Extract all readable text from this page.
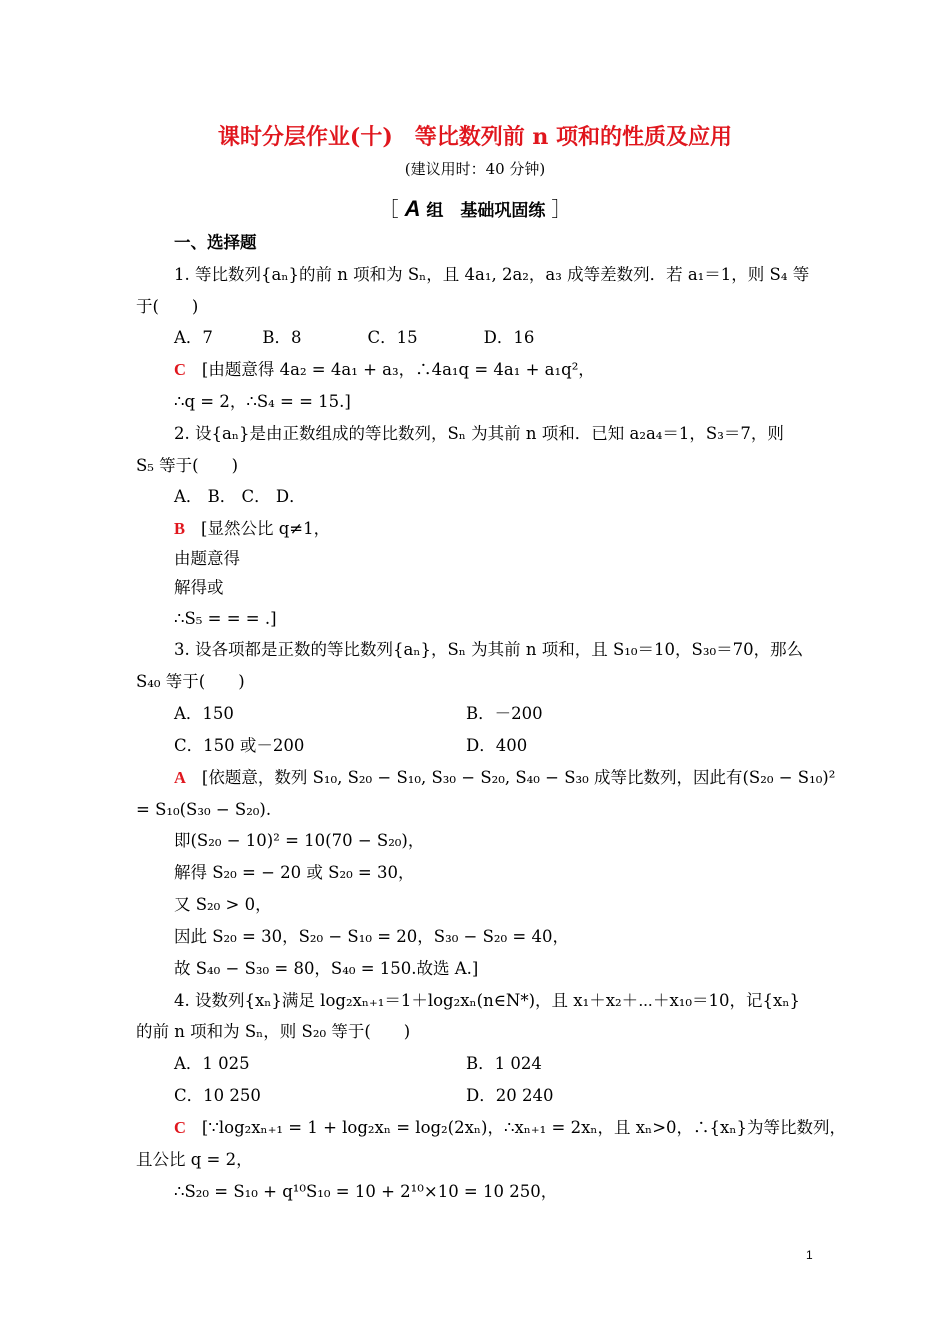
课时分层作业(十)　等比数列前 n 项和的性质及应用
(建议用时：40 分钟)
［ A 组　基础巩固练 ］
一、选择题
1. 等比数列{aₙ}的前 n 项和为 Sₙ，且 4a₁, 2a₂，a₃ 成等差数列．若 a₁＝1，则 S₄ 等
于(　　)
A．7　　　B．8　　　　C．15　　　　D．16
C [由题意得 4a₂ = 4a₁ + a₃，∴4a₁q = 4a₁ + a₁q²，
∴q = 2，∴S₄ = = 15.]
2. 设{aₙ}是由正数组成的等比数列，Sₙ 为其前 n 项和．已知 a₂a₄＝1，S₃＝7，则
S₅ 等于(　　)
A． B． C． D．
B [显然公比 q≠1，
由题意得
解得或
∴S₅ = = = .]
3. 设各项都是正数的等比数列{aₙ}，Sₙ 为其前 n 项和，且 S₁₀＝10，S₃₀＝70，那么
S₄₀ 等于(　　)
A．150	B．－200
C．150 或－200	D．400
A [依题意，数列 S₁₀, S₂₀ − S₁₀, S₃₀ − S₂₀, S₄₀ − S₃₀ 成等比数列，因此有(S₂₀ − S₁₀)²
= S₁₀(S₃₀ − S₂₀).
即(S₂₀ − 10)² = 10(70 − S₂₀)，
解得 S₂₀ = − 20 或 S₂₀ = 30，
又 S₂₀ > 0，
因此 S₂₀ = 30，S₂₀ − S₁₀ = 20，S₃₀ − S₂₀ = 40，
故 S₄₀ − S₃₀ = 80，S₄₀ = 150.故选 A.]
4. 设数列{xₙ}满足 log₂xₙ₊₁＝1＋log₂xₙ(n∈N*)，且 x₁＋x₂＋⋯＋x₁₀＝10，记{xₙ}
的前 n 项和为 Sₙ，则 S₂₀ 等于(　　)
A．1 025	B．1 024
C．10 250	D．20 240
C [∵log₂xₙ₊₁ = 1 + log₂xₙ = log₂(2xₙ)，∴xₙ₊₁ = 2xₙ，且 xₙ>0，∴{xₙ}为等比数列，
且公比 q = 2，
∴S₂₀ = S₁₀ + q¹⁰S₁₀ = 10 + 2¹⁰×10 = 10 250，
1
